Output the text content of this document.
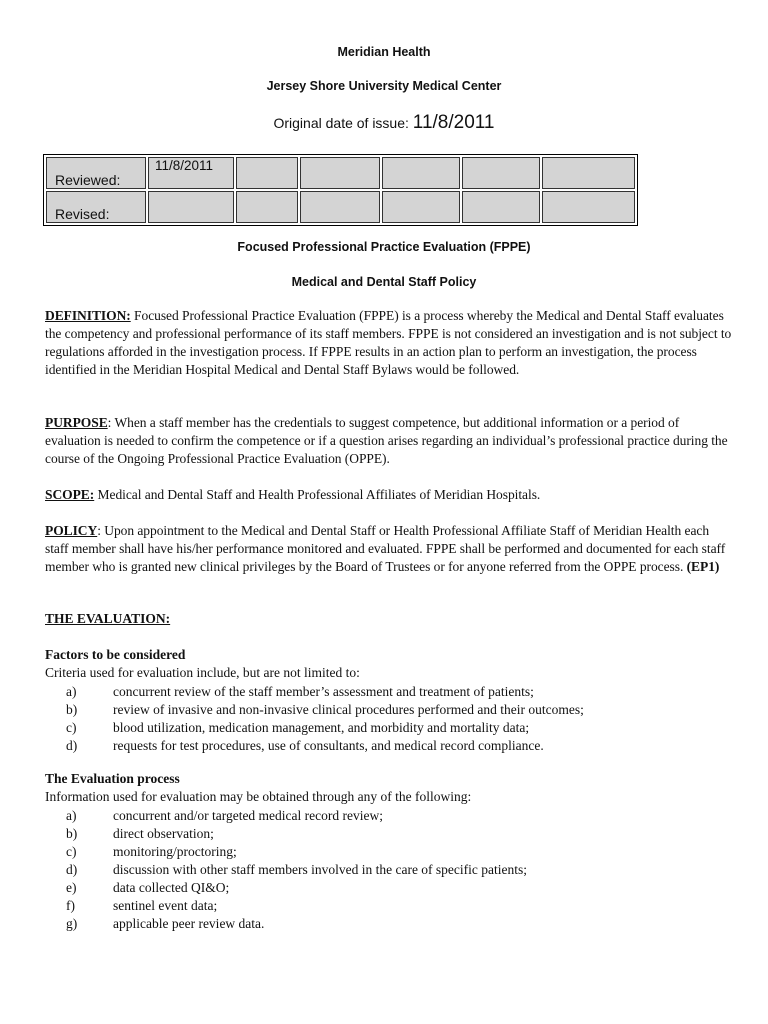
Meridian Health
Jersey Shore University Medical Center
Original date of issue: 11/8/2011
Reviewed:	11/8/2011					
Revised:						
Focused Professional Practice Evaluation (FPPE)
Medical and Dental Staff Policy
DEFINITION: Focused Professional Practice Evaluation (FPPE) is a process whereby the Medical and Dental Staff evaluates the competency and professional performance of its staff members. FPPE is not considered an investigation and is not subject to regulations afforded in the investigation process. If FPPE results in an action plan to perform an investigation, the process identified in the Meridian Hospital Medical and Dental Staff Bylaws would be followed.
PURPOSE: When a staff member has the credentials to suggest competence, but additional information or a period of evaluation is needed to confirm the competence or if a question arises regarding an individual’s professional practice during the course of the Ongoing Professional Practice Evaluation (OPPE).
SCOPE: Medical and Dental Staff and Health Professional Affiliates of Meridian Hospitals.
POLICY: Upon appointment to the Medical and Dental Staff or Health Professional Affiliate Staff of Meridian Health each staff member shall have his/her performance monitored and evaluated. FPPE shall be performed and documented for each staff member who is granted new clinical privileges by the Board of Trustees or for anyone referred from the OPPE process. (EP1)
THE EVALUATION:
Factors to be considered
Criteria used for evaluation include, but are not limited to:
a)	concurrent review of the staff member’s assessment and treatment of patients;
b)	review of invasive and non-invasive clinical procedures performed and their outcomes;
c)	blood utilization, medication management, and morbidity and mortality data;
d)	requests for test procedures, use of consultants, and medical record compliance.
The Evaluation process
Information used for evaluation may be obtained through any of the following:
a)	concurrent and/or targeted medical record review;
b)	direct observation;
c)	monitoring/proctoring;
d)	discussion with other staff members involved in the care of specific patients;
e)	data collected QI&O;
f)	sentinel event data;
g)	applicable peer review data.
